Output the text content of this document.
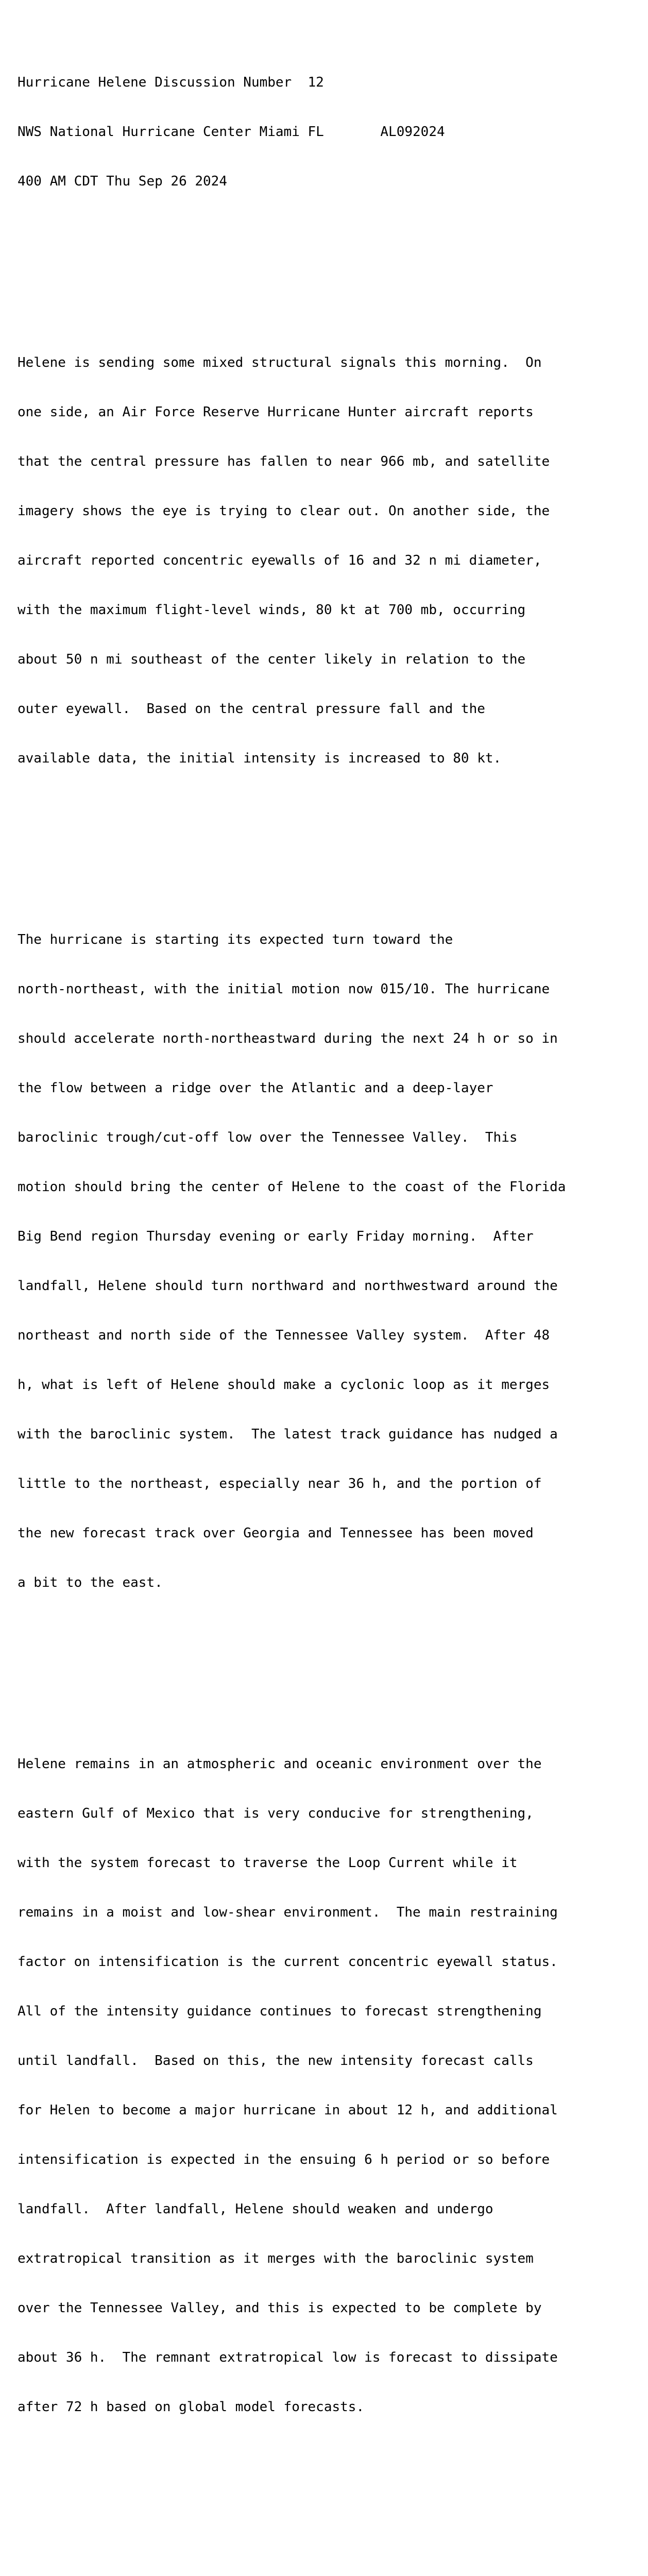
Hurricane Helene Discussion Number  12

NWS National Hurricane Center Miami FL       AL092024

400 AM CDT Thu Sep 26 2024

Helene is sending some mixed structural signals this morning.  On

one side, an Air Force Reserve Hurricane Hunter aircraft reports

that the central pressure has fallen to near 966 mb, and satellite

imagery shows the eye is trying to clear out. On another side, the

aircraft reported concentric eyewalls of 16 and 32 n mi diameter,

with the maximum flight-level winds, 80 kt at 700 mb, occurring

about 50 n mi southeast of the center likely in relation to the

outer eyewall.  Based on the central pressure fall and the

available data, the initial intensity is increased to 80 kt.

The hurricane is starting its expected turn toward the

north-northeast, with the initial motion now 015/10. The hurricane

should accelerate north-northeastward during the next 24 h or so in

the flow between a ridge over the Atlantic and a deep-layer

baroclinic trough/cut-off low over the Tennessee Valley.  This

motion should bring the center of Helene to the coast of the Florida

Big Bend region Thursday evening or early Friday morning.  After

landfall, Helene should turn northward and northwestward around the

northeast and north side of the Tennessee Valley system.  After 48

h, what is left of Helene should make a cyclonic loop as it merges

with the baroclinic system.  The latest track guidance has nudged a

little to the northeast, especially near 36 h, and the portion of

the new forecast track over Georgia and Tennessee has been moved

a bit to the east.

Helene remains in an atmospheric and oceanic environment over the

eastern Gulf of Mexico that is very conducive for strengthening,

with the system forecast to traverse the Loop Current while it

remains in a moist and low-shear environment.  The main restraining

factor on intensification is the current concentric eyewall status.

All of the intensity guidance continues to forecast strengthening

until landfall.  Based on this, the new intensity forecast calls

for Helen to become a major hurricane in about 12 h, and additional

intensification is expected in the ensuing 6 h period or so before

landfall.  After landfall, Helene should weaken and undergo

extratropical transition as it merges with the baroclinic system

over the Tennessee Valley, and this is expected to be complete by

about 36 h.  The remnant extratropical low is forecast to dissipate

after 72 h based on global model forecasts.
